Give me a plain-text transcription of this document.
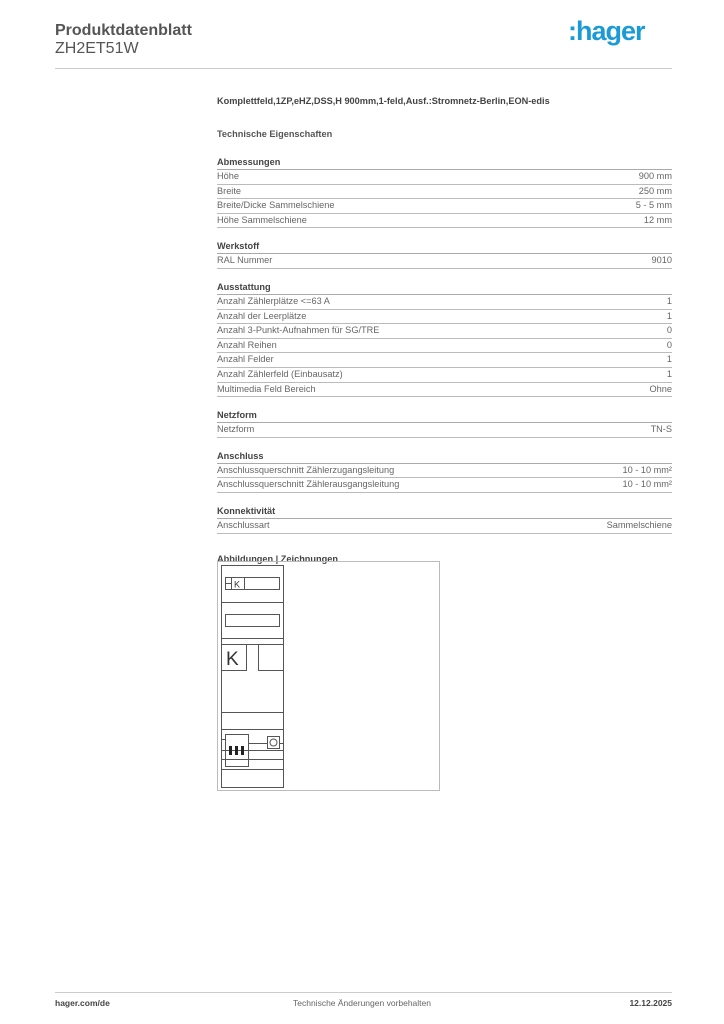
Produktdatenblatt
ZH2ET51W
:hager
Komplettfeld,1ZP,eHZ,DSS,H 900mm,1-feld,Ausf.:Stromnetz-Berlin,EON-edis
Technische Eigenschaften
Abmessungen
Höhe	900 mm
Breite	250 mm
Breite/Dicke Sammelschiene	5 - 5 mm
Höhe Sammelschiene	12 mm
Werkstoff
RAL Nummer	9010
Ausstattung
Anzahl Zählerplätze <=63 A	1
Anzahl der Leerplätze	1
Anzahl 3-Punkt-Aufnahmen für SG/TRE	0
Anzahl Reihen	0
Anzahl Felder	1
Anzahl Zählerfeld (Einbausatz)	1
Multimedia Feld Bereich	Ohne
Netzform
Netzform	TN-S
Anschluss
Anschlussquerschnitt Zählerzugangsleitung	10 - 10 mm²
Anschlussquerschnitt Zählerausgangsleitung	10 - 10 mm²
Konnektivität
Anschlussart	Sammelschiene
Abbildungen | Zeichnungen
K
K
hager.com/de	Technische Änderungen vorbehalten	12.12.2025
